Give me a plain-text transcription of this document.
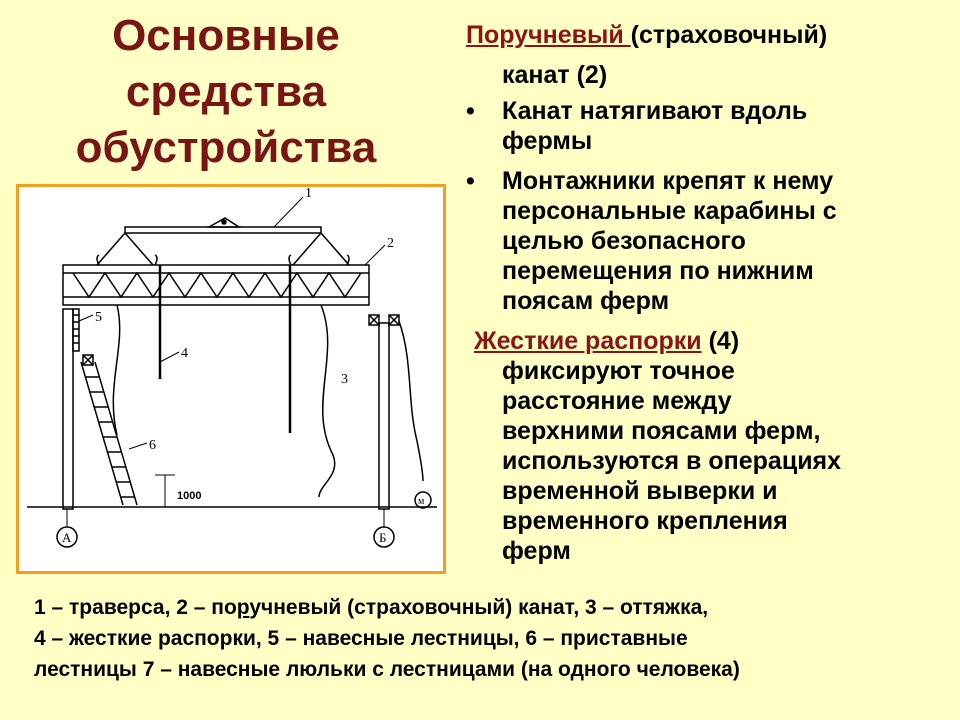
Основные
средства
обустройства
1
2
3
4
5
6
1000
А	Б
м
Поручневый (страховочный)
канат (2)
• Канат натягивают вдоль
фермы
• Монтажники крепят к нему
персональные карабины с
целью безопасного
перемещения по нижним
поясам ферм
Жесткие распорки (4)
фиксируют точное
расстояние между
верхними поясами ферм,
используются в операциях
временной выверки и
временного крепления
ферм
1 – траверса, 2 – поручневый (страховочный) канат, 3 – оттяжка,
4 – жесткие распорки, 5 – навесные лестницы, 6 – приставные
лестницы 7 – навесные люльки с лестницами (на одного человека)
